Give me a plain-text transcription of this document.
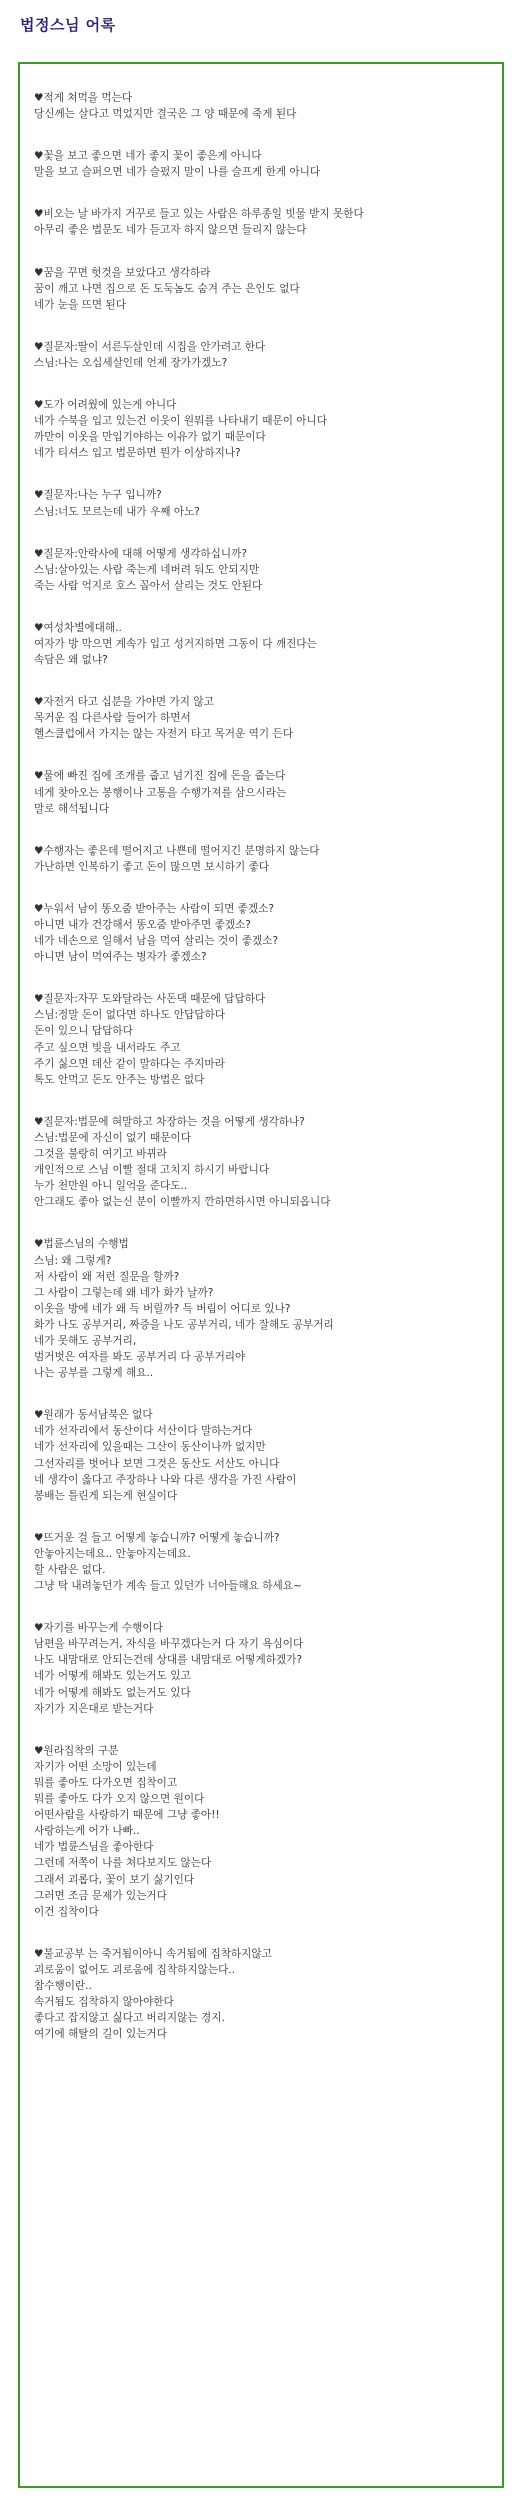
법정스님 어록

♥적게 쳐먹을 먹는다

당신께는 살다고 먹었지만 결국은 그 양 때문에 죽게 된다

♥꽃을 보고 좋으면 네가 좋지 꽃이 좋은게 아니다

말을 보고 슬퍼으면 네가 슬펐지 말이 나를 슬프게 한게 아니다

♥비오는 날 바가지 거꾸로 들고 있는 사람은 하루종일 빗물 받지 못한다

아무리 좋은 법문도 네가 듣고자 하지 않으면 들리지 않는다

♥꿈을 꾸면 헛것을 보았다고 생각하라

꿈이 깨고 나면 집으로 돈 도둑놈도 숨겨 주는 은인도 없다

네가 눈을 뜨면 된다

♥질문자:딸이 서른두살인데 시집을 안가려고 한다

스님:나는 오십세살인데 언제 장가가겠노?

♥도가 어려웠에 있는게 아니다

네가 수북을 입고 있는건 이웃이 원뭐를 나타내기 때문이 아니다

까만이 이옷을 만입기야하는 이유가 없기 때문이다

네가 티셔스 입고 법문하면 뭔가 이상하지나?

♥질문자:나는 누구 입니까?

스님:너도 모르는데 내가 우째 아노?

♥질문자:안락사에 대해 어떻게 생각하십니까?

스님:살아있는 사람 죽는게 네버려 둬도 안되지만

죽는 사람 억지로 호스 꼽아서 살리는 것도 안된다

♥여성차별에대해..

여자가 방 막으면 계속가 입고 성거지하면 그동이 다 깨진다는

속담은 왜 없냐?

♥자전거 타고 십분을 가야면 가지 않고

목거운 집 다른사람 들어가 하면서

헬스클럽에서 가지는 않는 자전거 타고 목거운 역기 든다

♥물에 빠진 집에 조개를 줍고 넘기진 집에 돈을 줍는다

네게 찾아오는 봉행이나 고통을 수행가져를 삼으시라는

말로 해석됩니다

♥수행자는 좋은데 떨어지고 나쁜데 떨어지긴 분명하지 않는다

가난하면 인복하기 좋고 돈이 많으면 보시하기 좋다

♥누워서 남이 똥오줌 받아주는 사람이 되면 좋겠소?

아니면 내가 건강해서 똥오줌 받아주면 좋겠소?

네가 네손으로 일해서 남을 먹여 살리는 것이 좋겠소?

아니면 남이 먹여주는 병자가 좋겠소?

♥질문자:자꾸 도와달라는 사돈댁 때문에 답답하다

스님:정말 돈이 없다면 하나도 안답답하다

돈이 있으니 답답하다

주고 싶으면 빚을 내서라도 주고

주기 싫으면 데산 같이 말하다는 주지마라

톡도 안먹고 돈도 안주는 방법은 없다

♥질문자:법문에 혀말하고 차장하는 것을 어떻게 생각하나?

스님:법문에 자신이 없기 때문이다

그것을 불랑히 여기고 바뀌라

개인적으로 스님 이빨 절대 고치지 하시기 바랍니다

누가 천만원 아니 일억을 준다도..

안그래도 좋아 없는신 분이 이빨까지 깐하면하시면 아니되옵니다

♥법륜스님의 수행법

스님: 왜 그렇게?

저 사람이 왜 저런 질문을 할까?

그 사람이 그렇는데 왜 네가 화가 날까?

이옷을 방에 네가 왜 득 버릴까? 득 버림이 어디로 있나?

화가 나도 공부거리, 짜증을 나도 공부거리, 네가 잘해도 공부거리

네가 못해도 공부거리,

범거벗은 여자를 봐도 공부거리 다 공부거리야

나는 공부를 그렇게 해요..

♥원래가 동서남북은 없다

네가 선자리에서 동산이다 서산이다 말하는거다

네가 선자리에 있을때는 그산이 동산이나까 없지만

그선자리를 벗어나 보면 그것은 동산도 서산도 아니다

네 생각이 옳다고 주장하나 나와 다른 생각을 가진 사람이

봉배는 틀린게 되는게 현실이다

♥뜨거운 걸 들고 어떻게 놓습니까? 어떻게 놓습니까?

안놓아지는데요.. 안놓아지는데요.

할 사람은 없다.

그냥 탁 내려놓던가 계속 들고 있던가 너아들해요 하세요~

♥자기를 바꾸는게 수행이다

남편을 바꾸려는거, 자식을 바꾸겠다는거 다 자기 욕심이다

나도 내맘대로 안되는건데 상대를 내맘대로 어떻게하겠가?

네가 어떻게 해봐도 있는거도 있고

네가 어떻게 해봐도 없는거도 있다

자기가 지은대로 받는거다

♥원라집착의 구분

자기가 어떤 소망이 있는데

뭐를 좋아도 다가오면 집착이고

뭐를 좋아도 다가 오지 않으면 원이다

어떤사람을 사랑하기 때문에 그냥 좋아!!

사랑하는게 어가 나빠..

네가 법륜스님을 좋아한다

그런데 저쪽이 나를 쳐다보지도 않는다

그래서 괴롭다, 꽃이 보기 싫기인다

그러면 조금 문제가 있는거다

이건 집착이다

♥불교공부 는 죽거됨이아니 속거됨에 집착하지않고

괴로움이 없어도 괴로움에 집착하지않는다..

참수행이란..

속거됨도 집착하지 않아야한다

좋다고 잡지않고 싫다고 버리지않는 경지.

여기에 해탈의 길이 있는거다
